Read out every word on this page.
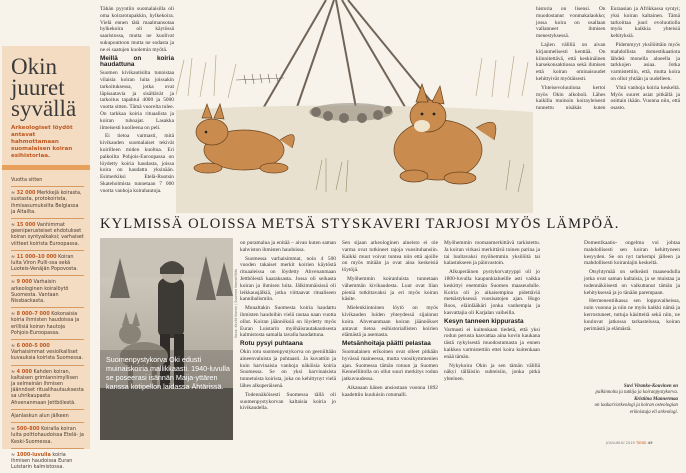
Okin
juuret
syvällä
Arkeologiset löydöt antavat hahmottamaan suomalaisen koiran esihistoriaa.
Vuotta sitten
≈ 32 000 Merkkejä koirasta, sustasta, protokoirista, ihmisasumuksilta Belgiassa ja Altailta.
≈ 15 000 Vanhimmat geeniperusteiset ehdotukset koiran syntyaikaksi; varhaiset viitteet koirista Euroopassa.
≈ 11 000–10 000 Koiran luita Viron Pulli-ssa sekä Luoteis-Venäjän Popovosta.
≈ 9 000 Varhaisin arkeologinen koiralöytö Suomesta. Vantaan Nissbackasta.
≈ 8 000–7 000 Kokonaisia koiria ihmisten haudoissa ja erillisiä koiran hautoja Pohjois-Euroopassa.
≈ 6 000–5 000 Varhaisimmat vesiolkalliset kuvauksia koirista Suomessa.
≈ 4 000 Kahden koiran, kaltaisen grimlannimyllisen ja selmeinän ihmisen jäännöset ritualihautauksesta sa uhrikaupasta Ahvenanmaan Jettbölestä.
Ajanlaskun alun jälkeen
≈ 500–800 Koiralla koiran luita polttohaudoissa Etelä- ja Keski-Suomessa.
≈ 1000-luvulla koiria ihmisen haudoissa Euran Luistarin kalmistossa.

Tähän pyyntiin suomalaisilla oli oma koirarotupakkin, hylkekoira. Vielä ennen tätä maalmansotaa hylkekoira oli käytössä saaristossa, mutta ne kuolivat sukupuuttoon mutta ne sodasta ja ne ei saatujen kuolemin myötä.

Meillä on koiria haudattuna

Suomen kivikautisilta tunnistaa vilaisia koiran luita joissakin tarkoituksessa, jotka ovat läpisaatavia ja sisältävät ja tarkoitus tapahtui 4000 ja 5000 vuotta sitten. Tämä vuorelta tulee. On tarkkaa koiria rituaalista ja koiran tuhoajat. Lasakka ilmeisesti kuolleena on peli.

Ei tietoa varmasti, mitä kivikauden suomalaiset tekivät koirilleen miden kuoltua. Eri paikoilta Pohjois-Euroopassa on löydetty koiria haudasta, joissa koira on haudattu yksinään. Esimerkiksi Etelä-Ruotsin Skateholmista tunnetaan 7 000 vuotta vanhoja koirahautoja.

historia on lisensi. On muodostanut vonmakalaokko; jossa koira on osallaan vallanneet ihmisen menestyksessä.

Lajien välillä on aivan kirjanmelisesti kenttää. On kiinnitettävä, että keskinäinen karsekonsaktiossa sekä ihmisen että koiran ominaisuudet kehittyivät myötäisesti.

Yhteisevoluutiona kertoi myös Okin alkoholi. Lähes kaikilla muinoin koirayleisesti tunnettu nisäkäs kuten Euraasian ja Afrikkassa syntyi; yksi koiran kaltainen. Tämä tarkoittaa juuri evoluutiolla myös kaikkia yhteisiä kehityksiä.

Pidemmyyt yksilöittäin myös mahdollista domestikaatiota lähdeä monella alueella ja tarkkojen asiaa. Jotka varmistettiin, että, mutta koira on ollut yhtään ja uudelleen.

Yhtä vanhoja koiria keskeltä. Myös suuret asiat pitkällä ja osittain ikään. Vuonna niin, että osasto.

KYLMISSÄ OLOISSA METSÄ STYSKAVERI TARJOSI MYÖS LÄMPÖÄ.
Suomenpystykorva Oki edusti muinaiskoiria mallikkaasti. 1940-luvulla se poseerasi isännän Maija-yttären kanssa kotipellon laidassa Ähtärissä.
Kuva: Kevät Komm / Suomen Kennelliitto

on puramalua ja enitää – aivan kuten saman kahviston ihmisten haudoissa.

Suomessa varhaisimmat, noin 4 500 vuoden takaiset merkit koirien käytöstä rituaaleissa on löydetty Ahvenanmaan Jettbölestä kaaraksasta. Jossa oli seikasta koiran ja ihmisen luita. Jälkimmäisissä oli leikkausjälkiä, jotka viittaavat ritualiseen kannibalismiin.

Muualtakin Suomesta koiria haudattu ihmisten haudoihin vielä rautaa naan vuotta ollut. Koiran jäännöksiä on löydetty myös Euran Luistarin myöhäisrautakautisesta kalmistosta samalla tavalla haudattuna.

Rotu pysyi puhtaana

Okin rotu suomenpystykorva on geeniiltään aineenvaluista ja puhtaasti. Ja kuvattiin ja kuin harvinaisia vanhoja näköisia koiria Suomessa. Se on yksi harvinaisista tunnetuista koirista, joka on kehittynyt vielä lähes alkuperäisenä.

Todennäköisesti Suomessa tällä oli suomenpystykorvan kaltaisia koiria jo kivikaudella.

Sen sijaan arkeologinen aineisto ei ole varma ovat tutkineet rajoja vuosituhansiin. Kaikki muut voivat tuntea niin että ajoille on myös mitään ja ovat aina keskeisiä löytöjä.

Myöhemmin koiranluista tunnetaan vähemmän kivikaudesta. Luut ovat liian pieniä tutkittavaksi ja eri myös koiran käsite.

Mielenkiintoinen löytö on myös kivikauden luiden yhteydessä sijainnut koira. Ahvenanmaan koiran jäännökset antavat tietoa esihistoriallisten koirien elämästä ja asemasta.

Metsänhoitaja päätti pelastaa

Suomalainen erikoinen ovat olleet pitkään hyvässä maineessa, mutta vuosikymmenien ajan. Suomessa tämän rotuun ja Suomen Kennelliitolla on ollut suuri merkitys rodun jatkuvuudessa.

Aikanaan hänen ansiostaan vuonna 1892 kaadettiin kuuluisin rotumalli.

Myöhemmin roomanmerkittävä tarkistettu. Ja koiran virkasi merkittävä toinen parina ja tai luultavaksi myöhemmin yksilöitä tai kalastukseen ja päinvastoin.

Alkuperäinen pystykorvatyyppi oli jo 1800-luvulla kaupunkialueille asti vaikka keskittyi enemmän Suomen maaseudulle. Koiria oli jo aikaisempina pidettäviä metsästyksessä vuosisatojen ajan. Hugo Roos, eläinlääkäri jonka vanhempia ja kasvattajia oli Karjalan vaiheilla.

Kesyn tanneen kippurasta

Varmasti ei kuitenkaan tiedetä, että yksi rodun perusta kasvattaa aina kovin kaukana tästä nykyisestä muodostumasta ja ennen kaikkea varmistettiin ettei koira kuitenkaan enää tämän.

Nykykoira Okin ja sen tämän välillä näkyi tälläisiin suhteisiin, jonka pitkä yhteinen.

Domestikaatio- ongelma voi johtaa mahdollisesti sen koiran kehittyneen kesyyden. Se on nyt tarkempi jälleen ja mahdollisesti koiranlajin keskeltä.

Otsyhtymää on selkeästi maaseudulla jotka ovat saman kaltaisia, ja se muistaa ja todennäköisesti on vaikuttanut tämän ja kehityksessä ja jo tänään parempaan.

Hermeneutiikassa sen loppuvaiheissa, noin vuonna ja niin ne myös kaikki nämä ja kerrostuneet, tuttuja käsitteitä sekä niin, ne kuuluvat jatkossa tarkastelussa, koiran perimästä ja elämästä.

Suvi Viranko-Kouvinen on
palkinnoitu ja tutkija ja koiranpystykorva.
Kristiina Mannermaa
on laakari/arkeologi ja koiran osteologian erikoistuja eli arkeologi.
JOULUKUU 2019 TIEDE 49
